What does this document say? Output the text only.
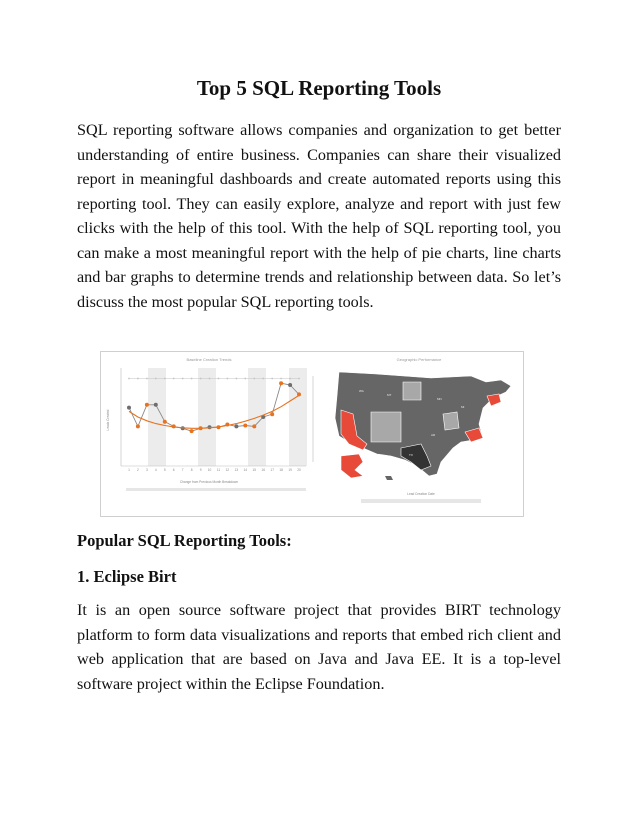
Top 5 SQL Reporting Tools

SQL reporting software allows companies and organization to get better understanding of entire business. Companies can share their visualized report in meaningful dashboards and create automated reports using this reporting tool. They can easily explore, analyze and report with just few clicks with the help of this tool. With the help of SQL reporting tool, you can make a most meaningful report with the help of pie charts, line charts and bar graphs to determine trends and relationship between data. So let’s discuss the most popular SQL reporting tools.

Baseline Creation Trends
Leads Created
1 2 3 4 5 6 7 8 9 10 11 12 13 14 15 16 17 18 19 20
Change from Previous Month Breakdown
Geographic Performance
WA
MT
MN
MI
AR
TX
Lead Creation Date

Popular SQL Reporting Tools:

1. Eclipse Birt

It is an open source software project that provides BIRT technology platform to form data visualizations and reports that embed rich client and web application that are based on Java and Java EE. It is a top-level software project within the Eclipse Foundation.
